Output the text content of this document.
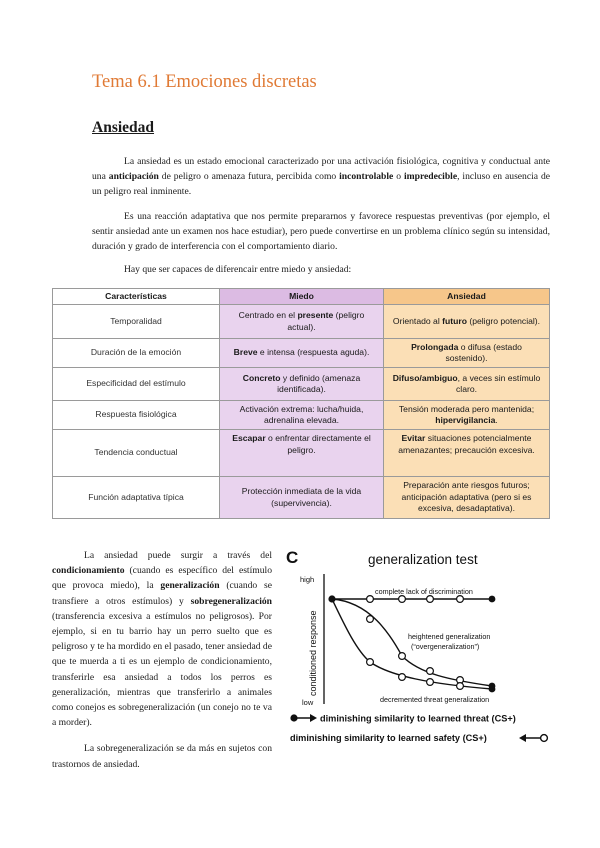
Tema 6.1 Emociones discretas
Ansiedad
La ansiedad es un estado emocional caracterizado por una activación fisiológica, cognitiva y conductual ante una anticipación de peligro o amenaza futura, percibida como incontrolable o impredecible, incluso en ausencia de un peligro real inminente.
Es una reacción adaptativa que nos permite prepararnos y favorece respuestas preventivas (por ejemplo, el sentir ansiedad ante un examen nos hace estudiar), pero puede convertirse en un problema clínico según su intensidad, duración y grado de interferencia con el comportamiento diario.
Hay que ser capaces de diferencair entre miedo y ansiedad:
Características	Miedo	Ansiedad
Temporalidad	Centrado en el presente (peligro actual).	Orientado al futuro (peligro potencial).
Duración de la emoción	Breve e intensa (respuesta aguda).	Prolongada o difusa (estado sostenido).
Especificidad del estímulo	Concreto y definido (amenaza identificada).	Difuso/ambiguo, a veces sin estímulo claro.
Respuesta fisiológica	Activación extrema: lucha/huida, adrenalina elevada.	Tensión moderada pero mantenida; hipervigilancia.
Tendencia conductual	Escapar o enfrentar directamente el peligro.	Evitar situaciones potencialmente amenazantes; precaución excesiva.
Función adaptativa típica	Protección inmediata de la vida (supervivencia).	Preparación ante riesgos futuros; anticipación adaptativa (pero si es excesiva, desadaptativa).

La ansiedad puede surgir a través del condicionamiento (cuando es específico del estímulo que provoca miedo), la generalización (cuando se transfiere a otros estímulos) y sobregeneralización (transferencia excesiva a estímulos no peligrosos). Por ejemplo, si en tu barrio hay un perro suelto que es peligroso y te ha mordido en el pasado, tener ansiedad de que te muerda a ti es un ejemplo de condicionamiento, transferirle esa ansiedad a todos los perros es generalización, mientras que transferirlo a animales como conejos es sobregeneralización (un conejo no te va a morder).

La sobregeneralización se da más en sujetos con trastornos de ansiedad.

C	generalization test
high
low
conditioned response
complete lack of discrimination
heightened generalization
(“overgeneralization”)
decremented threat generalization
diminishing similarity to learned threat (CS+)
diminishing similarity to learned safety (CS+)
